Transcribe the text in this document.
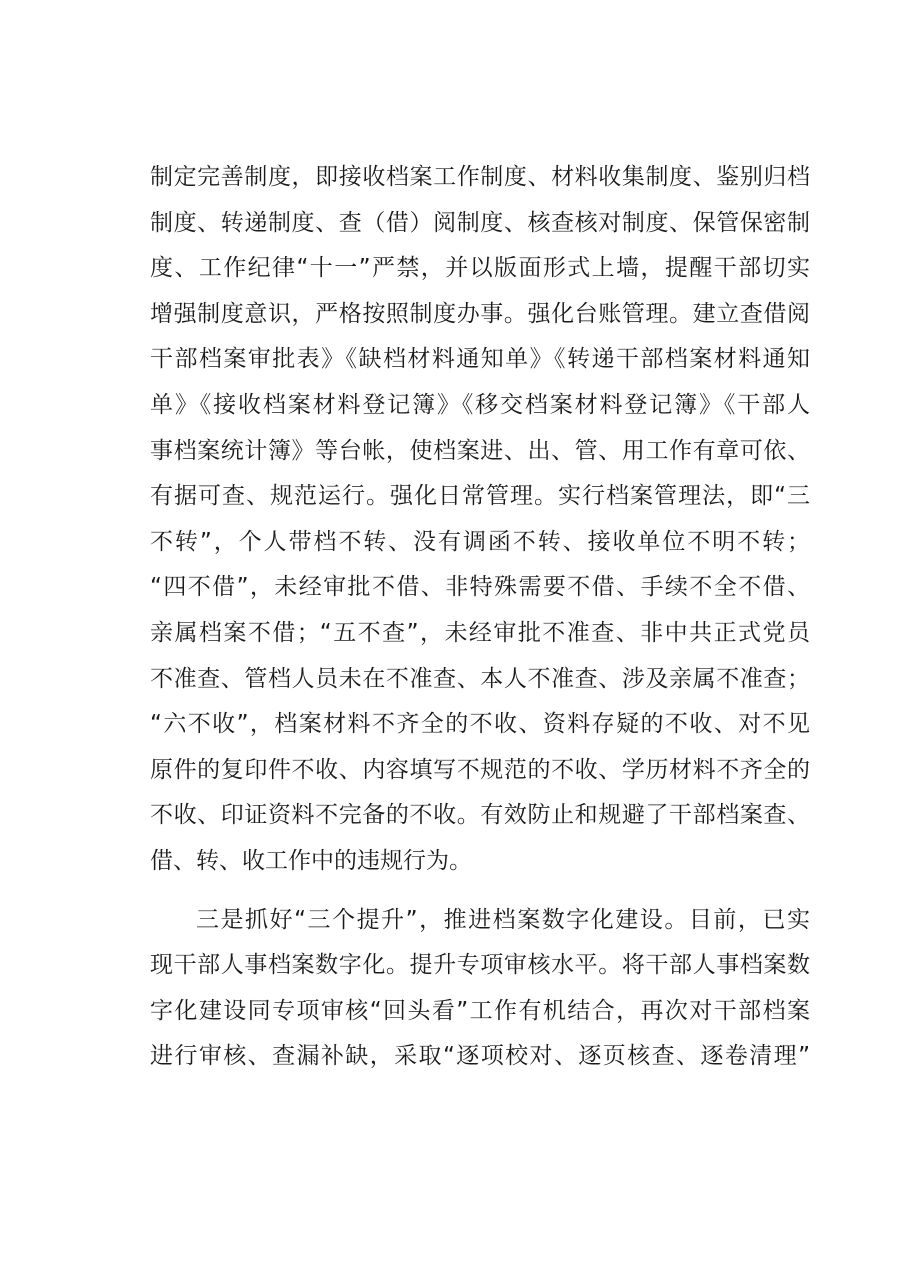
制定完善制度，即接收档案工作制度、材料收集制度、鉴别归档
制度、转递制度、查（借）阅制度、核查核对制度、保管保密制
度、工作纪律“十一”严禁，并以版面形式上墙，提醒干部切实
增强制度意识，严格按照制度办事。强化台账管理。建立查借阅
干部档案审批表》《缺档材料通知单》《转递干部档案材料通知
单》《接收档案材料登记簿》《移交档案材料登记簿》《干部人
事档案统计簿》等台帐，使档案进、出、管、用工作有章可依、
有据可查、规范运行。强化日常管理。实行档案管理法，即“三
不转”，个人带档不转、没有调函不转、接收单位不明不转；
“四不借”，未经审批不借、非特殊需要不借、手续不全不借、
亲属档案不借；“五不查”，未经审批不准查、非中共正式党员
不准查、管档人员未在不准查、本人不准查、涉及亲属不准查；
“六不收”，档案材料不齐全的不收、资料存疑的不收、对不见
原件的复印件不收、内容填写不规范的不收、学历材料不齐全的
不收、印证资料不完备的不收。有效防止和规避了干部档案查、
借、转、收工作中的违规行为。
三是抓好“三个提升”，推进档案数字化建设。目前，已实
现干部人事档案数字化。提升专项审核水平。将干部人事档案数
字化建设同专项审核“回头看”工作有机结合，再次对干部档案
进行审核、查漏补缺，采取“逐项校对、逐页核查、逐卷清理”
